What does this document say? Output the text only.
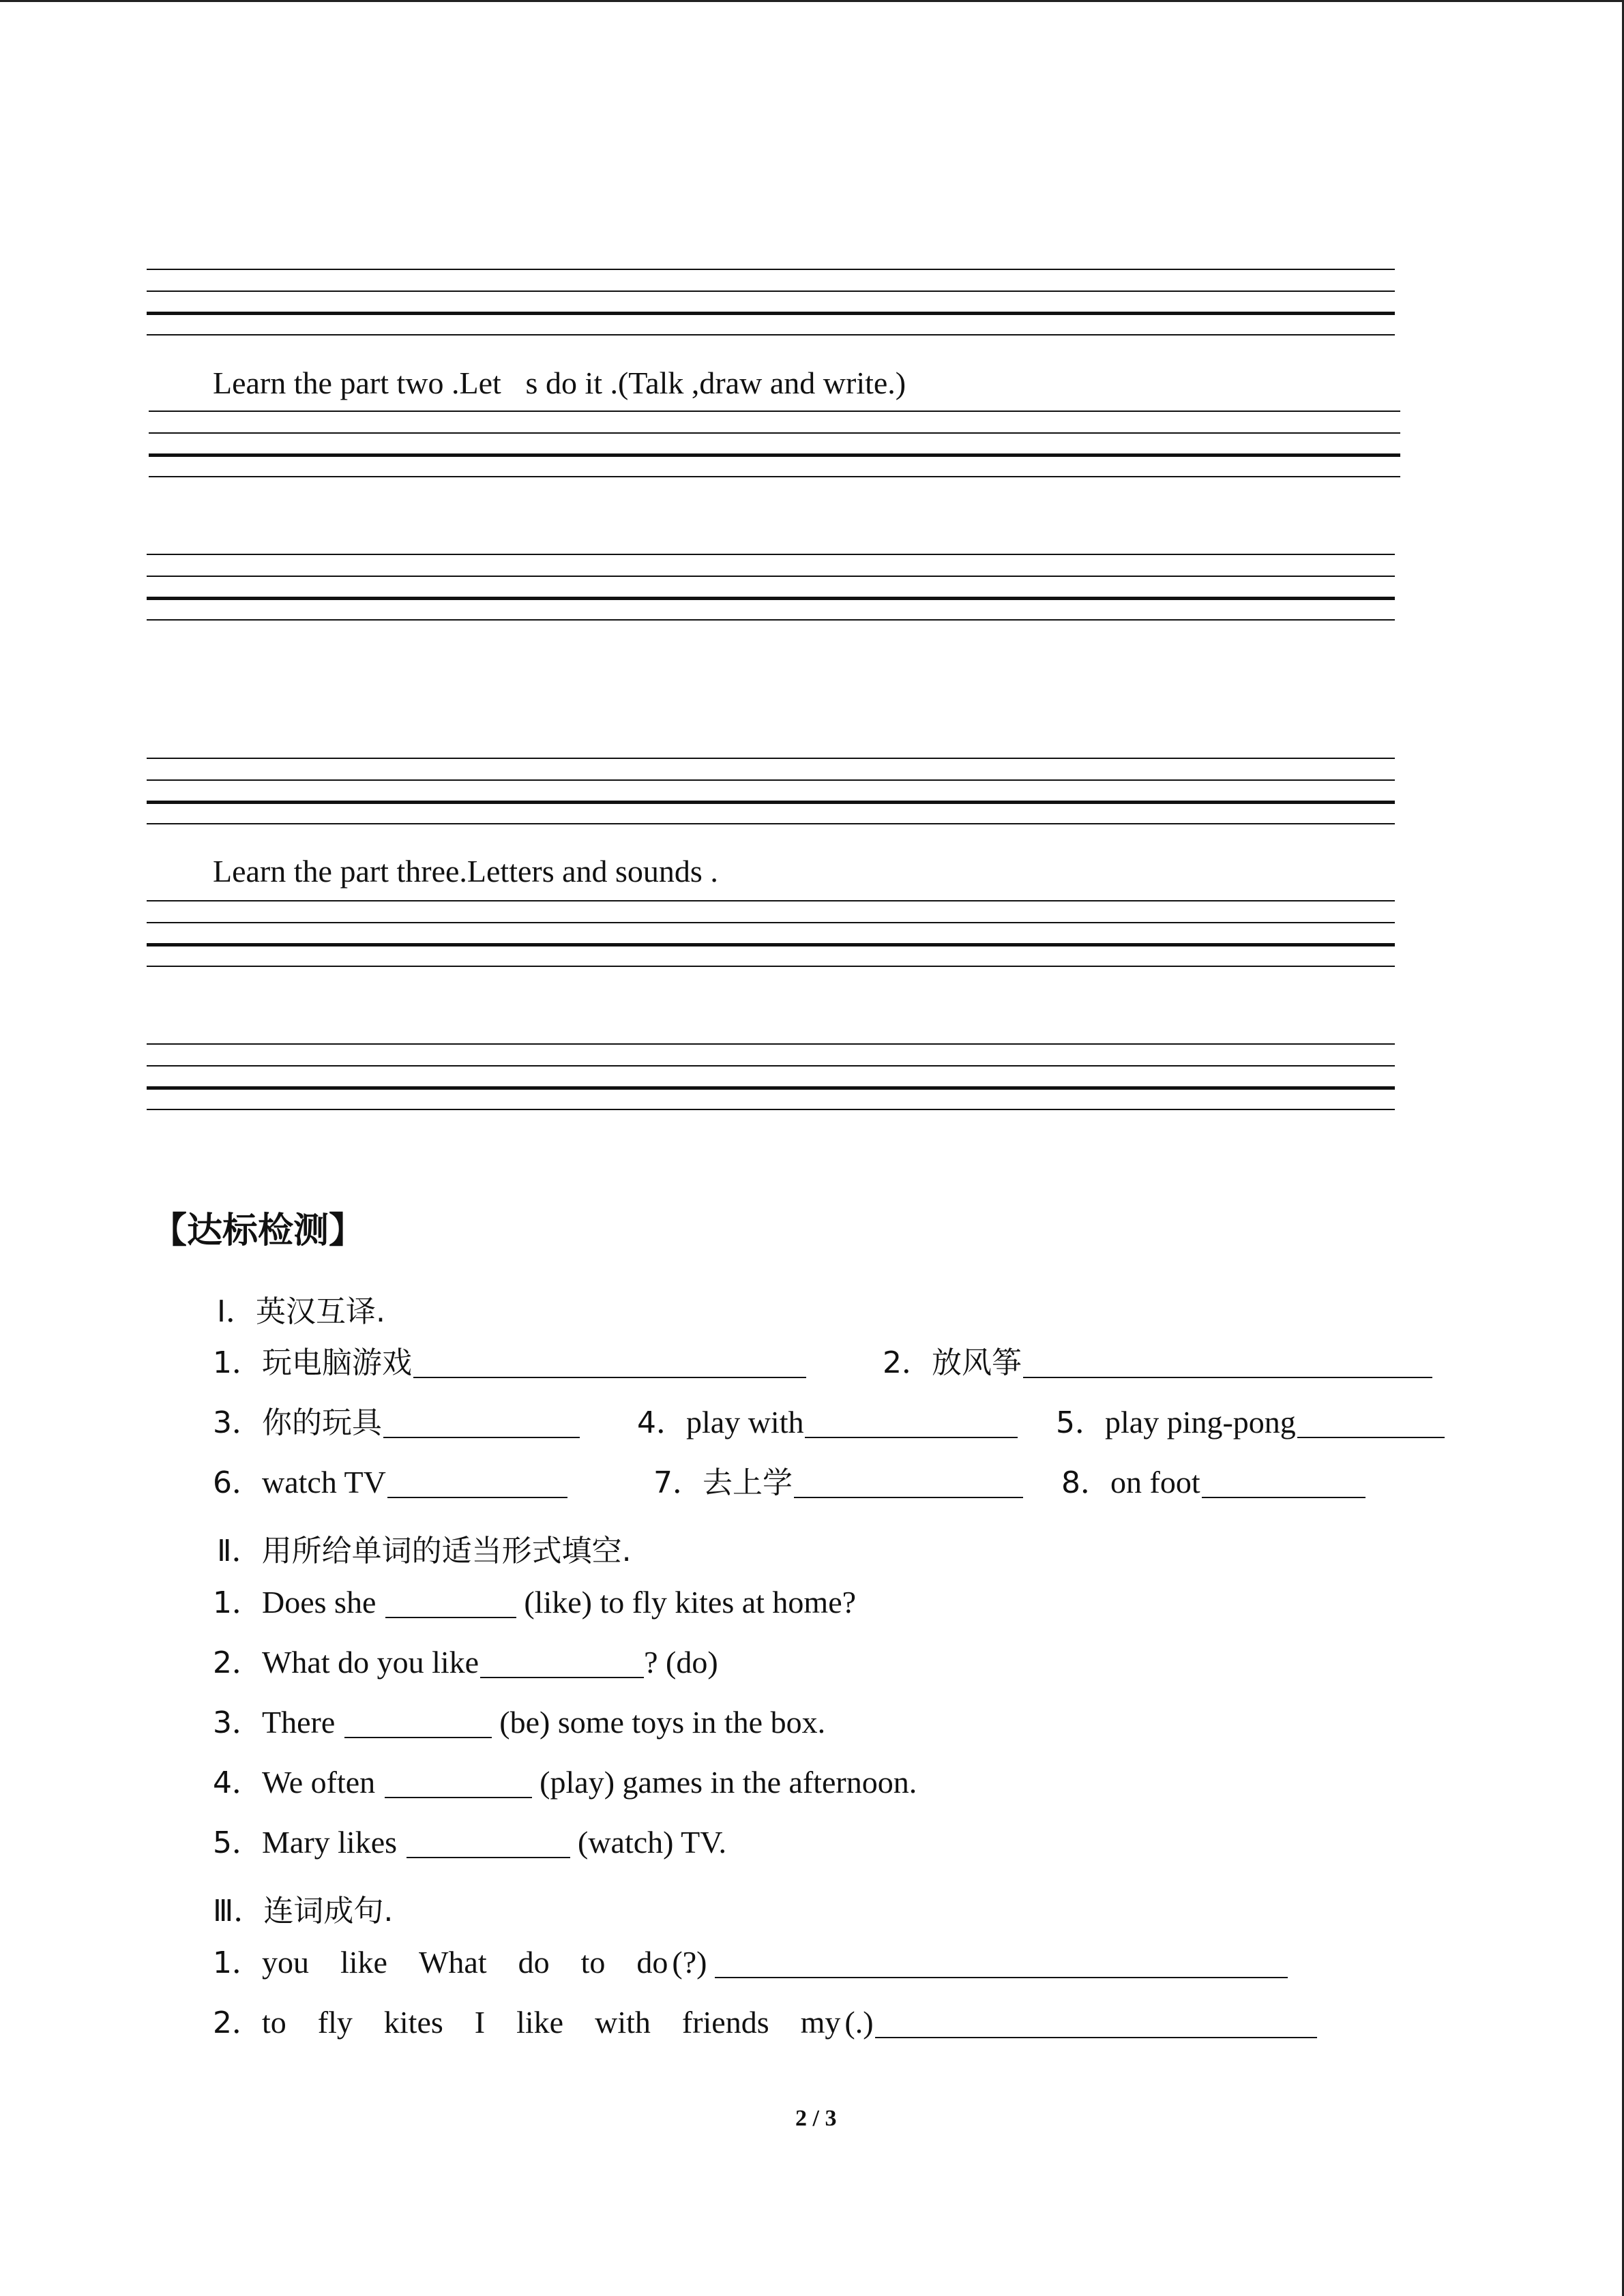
Learn the part two .Let s do it .(Talk ,draw and write.)
Learn the part three.Letters and sounds .
【达标检测】
Ⅰ．英汉互译.
1．玩电脑游戏	2．放风筝
3．你的玩具	4．play with	5．play ping-pong
6．watch TV	7．去上学	8．on foot
Ⅱ．用所给单词的适当形式填空.
1．Does she	(like) to fly kites at home?
2．What do you like	? (do)
3．There	(be) some toys in the box.
4．We often	(play) games in the afternoon.
5．Mary likes	(watch) TV.
Ⅲ．连词成句.
1．you like What do to do (?)
2．to fly kites I like with friends my (.)
2 / 3
